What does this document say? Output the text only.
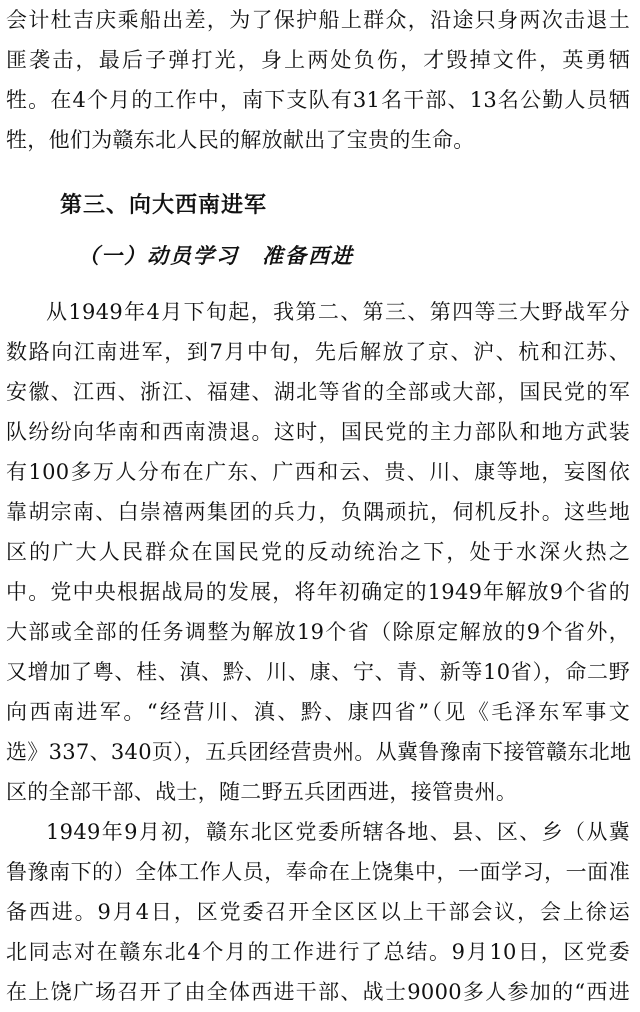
会计杜吉庆乘船出差，为了保护船上群众，沿途只身两次击退土
匪袭击，最后子弹打光，身上两处负伤，才毁掉文件，英勇牺
牲。在4个月的工作中，南下支队有31名干部、13名公勤人员牺
牲，他们为赣东北人民的解放献出了宝贵的生命。
第三、向大西南进军
（一）动员学习　准备西进
从1949年4月下旬起，我第二、第三、第四等三大野战军分
数路向江南进军，到7月中旬，先后解放了京、沪、杭和江苏、
安徽、江西、浙江、福建、湖北等省的全部或大部，国民党的军
队纷纷向华南和西南溃退。这时，国民党的主力部队和地方武装
有100多万人分布在广东、广西和云、贵、川、康等地，妄图依
靠胡宗南、白崇禧两集团的兵力，负隅顽抗，伺机反扑。这些地
区的广大人民群众在国民党的反动统治之下，处于水深火热之
中。党中央根据战局的发展，将年初确定的1949年解放9个省的
大部或全部的任务调整为解放19个省（除原定解放的9个省外，
又增加了粤、桂、滇、黔、川、康、宁、青、新等10省），命二野
向西南进军。“经营川、滇、黔、康四省”（见《毛泽东军事文
选》337、340页），五兵团经营贵州。从冀鲁豫南下接管赣东北地
区的全部干部、战士，随二野五兵团西进，接管贵州。
1949年9月初，赣东北区党委所辖各地、县、区、乡（从冀
鲁豫南下的）全体工作人员，奉命在上饶集中，一面学习，一面准
备西进。9月4日，区党委召开全区区以上干部会议，会上徐运
北同志对在赣东北4个月的工作进行了总结。9月10日，区党委
在上饶广场召开了由全体西进干部、战士9000多人参加的“西进
